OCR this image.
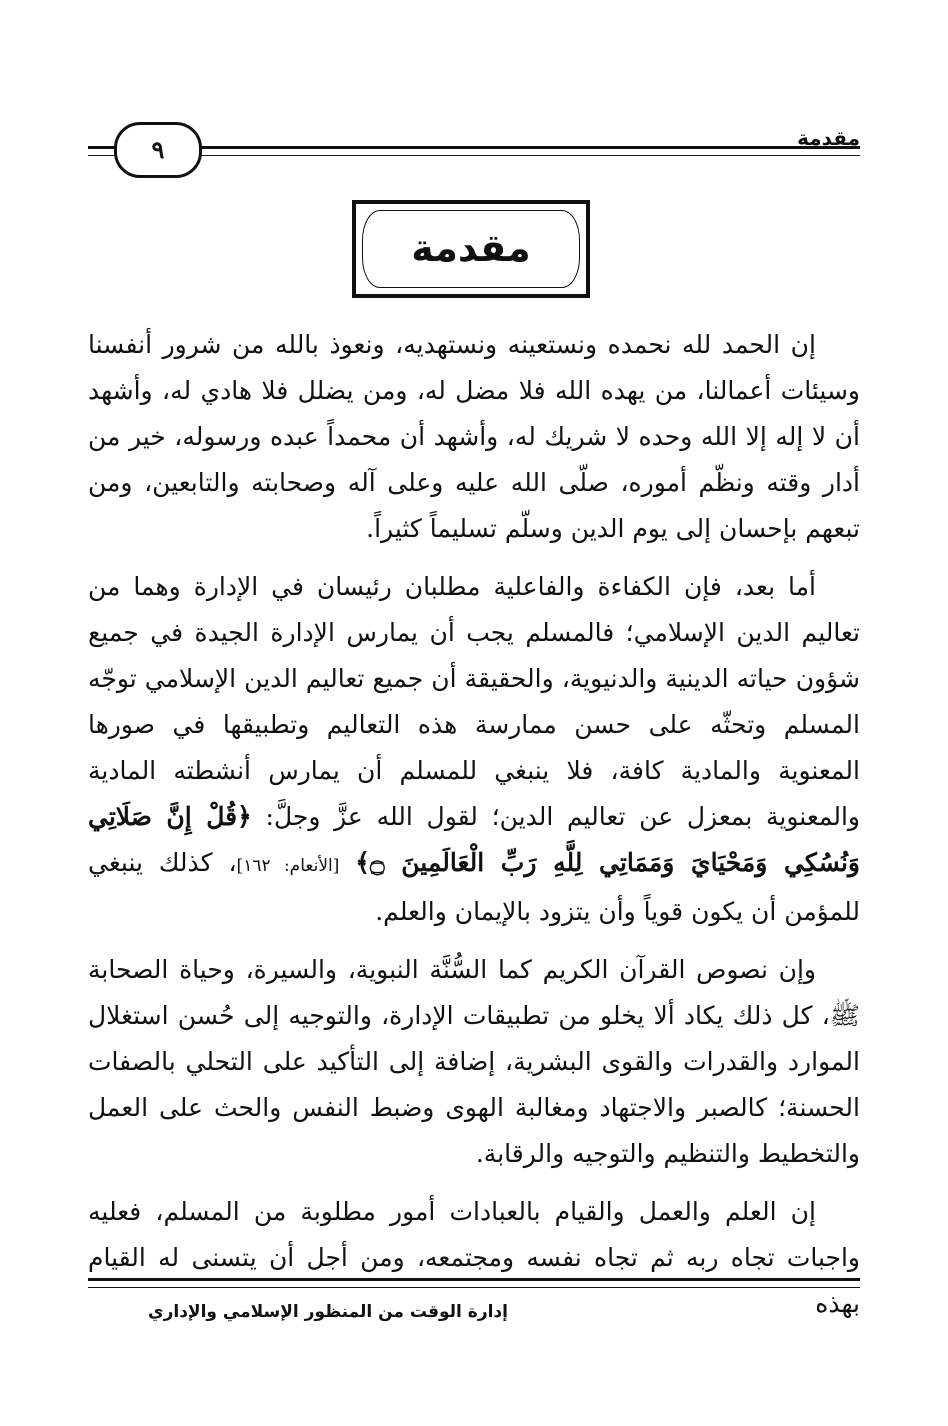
مقدمة
٩
مقدمة

إن الحمد لله نحمده ونستعينه ونستهديه، ونعوذ بالله من شرور أنفسنا وسيئات أعمالنا، من يهده الله فلا مضل له، ومن يضلل فلا هادي له، وأشهد أن لا إله إلا الله وحده لا شريك له، وأشهد أن محمداً عبده ورسوله، خير من أدار وقته ونظّم أموره، صلّى الله عليه وعلى آله وصحابته والتابعين، ومن تبعهم بإحسان إلى يوم الدين وسلّم تسليماً كثيراً.

أما بعد، فإن الكفاءة والفاعلية مطلبان رئيسان في الإدارة وهما من تعاليم الدين الإسلامي؛ فالمسلم يجب أن يمارس الإدارة الجيدة في جميع شؤون حياته الدينية والدنيوية، والحقيقة أن جميع تعاليم الدين الإسلامي توجّه المسلم وتحثّه على حسن ممارسة هذه التعاليم وتطبيقها في صورها المعنوية والمادية كافة، فلا ينبغي للمسلم أن يمارس أنشطته المادية والمعنوية بمعزل عن تعاليم الدين؛ لقول الله عزَّ وجلَّ: ﴿قُلْ إِنَّ صَلَاتِي وَنُسُكِي وَمَحْيَايَ وَمَمَاتِي لِلَّهِ رَبِّ الْعَالَمِينَ ۝﴾ [الأنعام: ١٦٢]، كذلك ينبغي للمؤمن أن يكون قوياً وأن يتزود بالإيمان والعلم.

وإن نصوص القرآن الكريم كما السُّنَّة النبوية، والسيرة، وحياة الصحابة ﷺ، كل ذلك يكاد ألا يخلو من تطبيقات الإدارة، والتوجيه إلى حُسن استغلال الموارد والقدرات والقوى البشرية، إضافة إلى التأكيد على التحلي بالصفات الحسنة؛ كالصبر والاجتهاد ومغالبة الهوى وضبط النفس والحث على العمل والتخطيط والتنظيم والتوجيه والرقابة.

إن العلم والعمل والقيام بالعبادات أمور مطلوبة من المسلم، فعليه واجبات تجاه ربه ثم تجاه نفسه ومجتمعه، ومن أجل أن يتسنى له القيام بهذه

إدارة الوقت من المنظور الإسلامي والإداري
